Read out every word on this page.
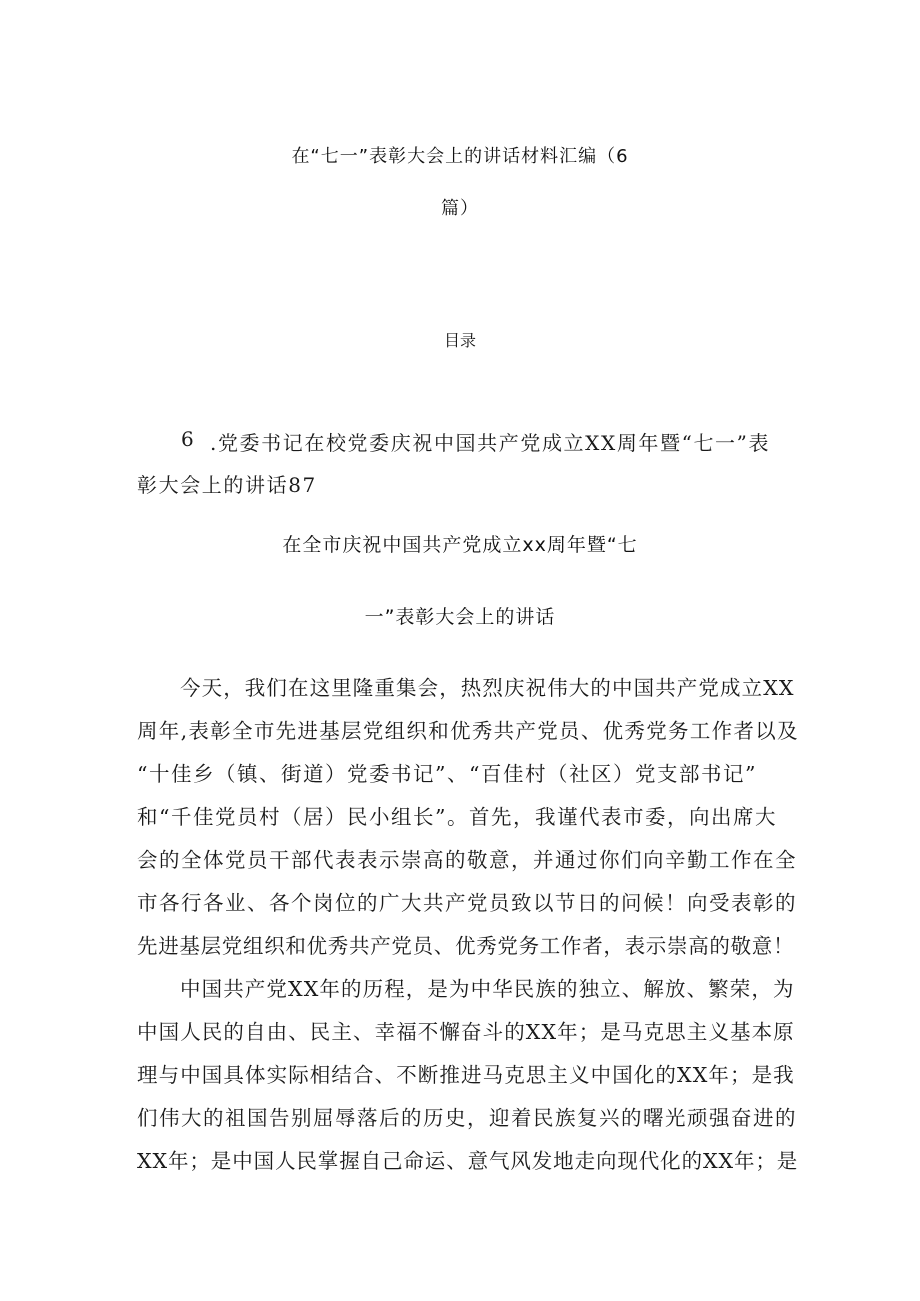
在“七一”表彰大会上的讲话材料汇编（6
篇）
目录
6 .党委书记在校党委庆祝中国共产党成立XX周年暨“七一”表
彰大会上的讲话87
在全市庆祝中国共产党成立xx周年暨“七
一”表彰大会上的讲话
今天，我们在这里隆重集会，热烈庆祝伟大的中国共产党成立XX
周年,表彰全市先进基层党组织和优秀共产党员、优秀党务工作者以及
“十佳乡（镇、街道）党委书记”、“百佳村（社区）党支部书记”
和“千佳党员村（居）民小组长”。首先，我谨代表市委，向出席大
会的全体党员干部代表表示崇高的敬意，并通过你们向辛勤工作在全
市各行各业、各个岗位的广大共产党员致以节日的问候！向受表彰的
先进基层党组织和优秀共产党员、优秀党务工作者，表示崇高的敬意！
中国共产党XX年的历程，是为中华民族的独立、解放、繁荣，为
中国人民的自由、民主、幸福不懈奋斗的XX年；是马克思主义基本原
理与中国具体实际相结合、不断推进马克思主义中国化的XX年；是我
们伟大的祖国告别屈辱落后的历史，迎着民族复兴的曙光顽强奋进的
XX年；是中国人民掌握自己命运、意气风发地走向现代化的XX年；是
